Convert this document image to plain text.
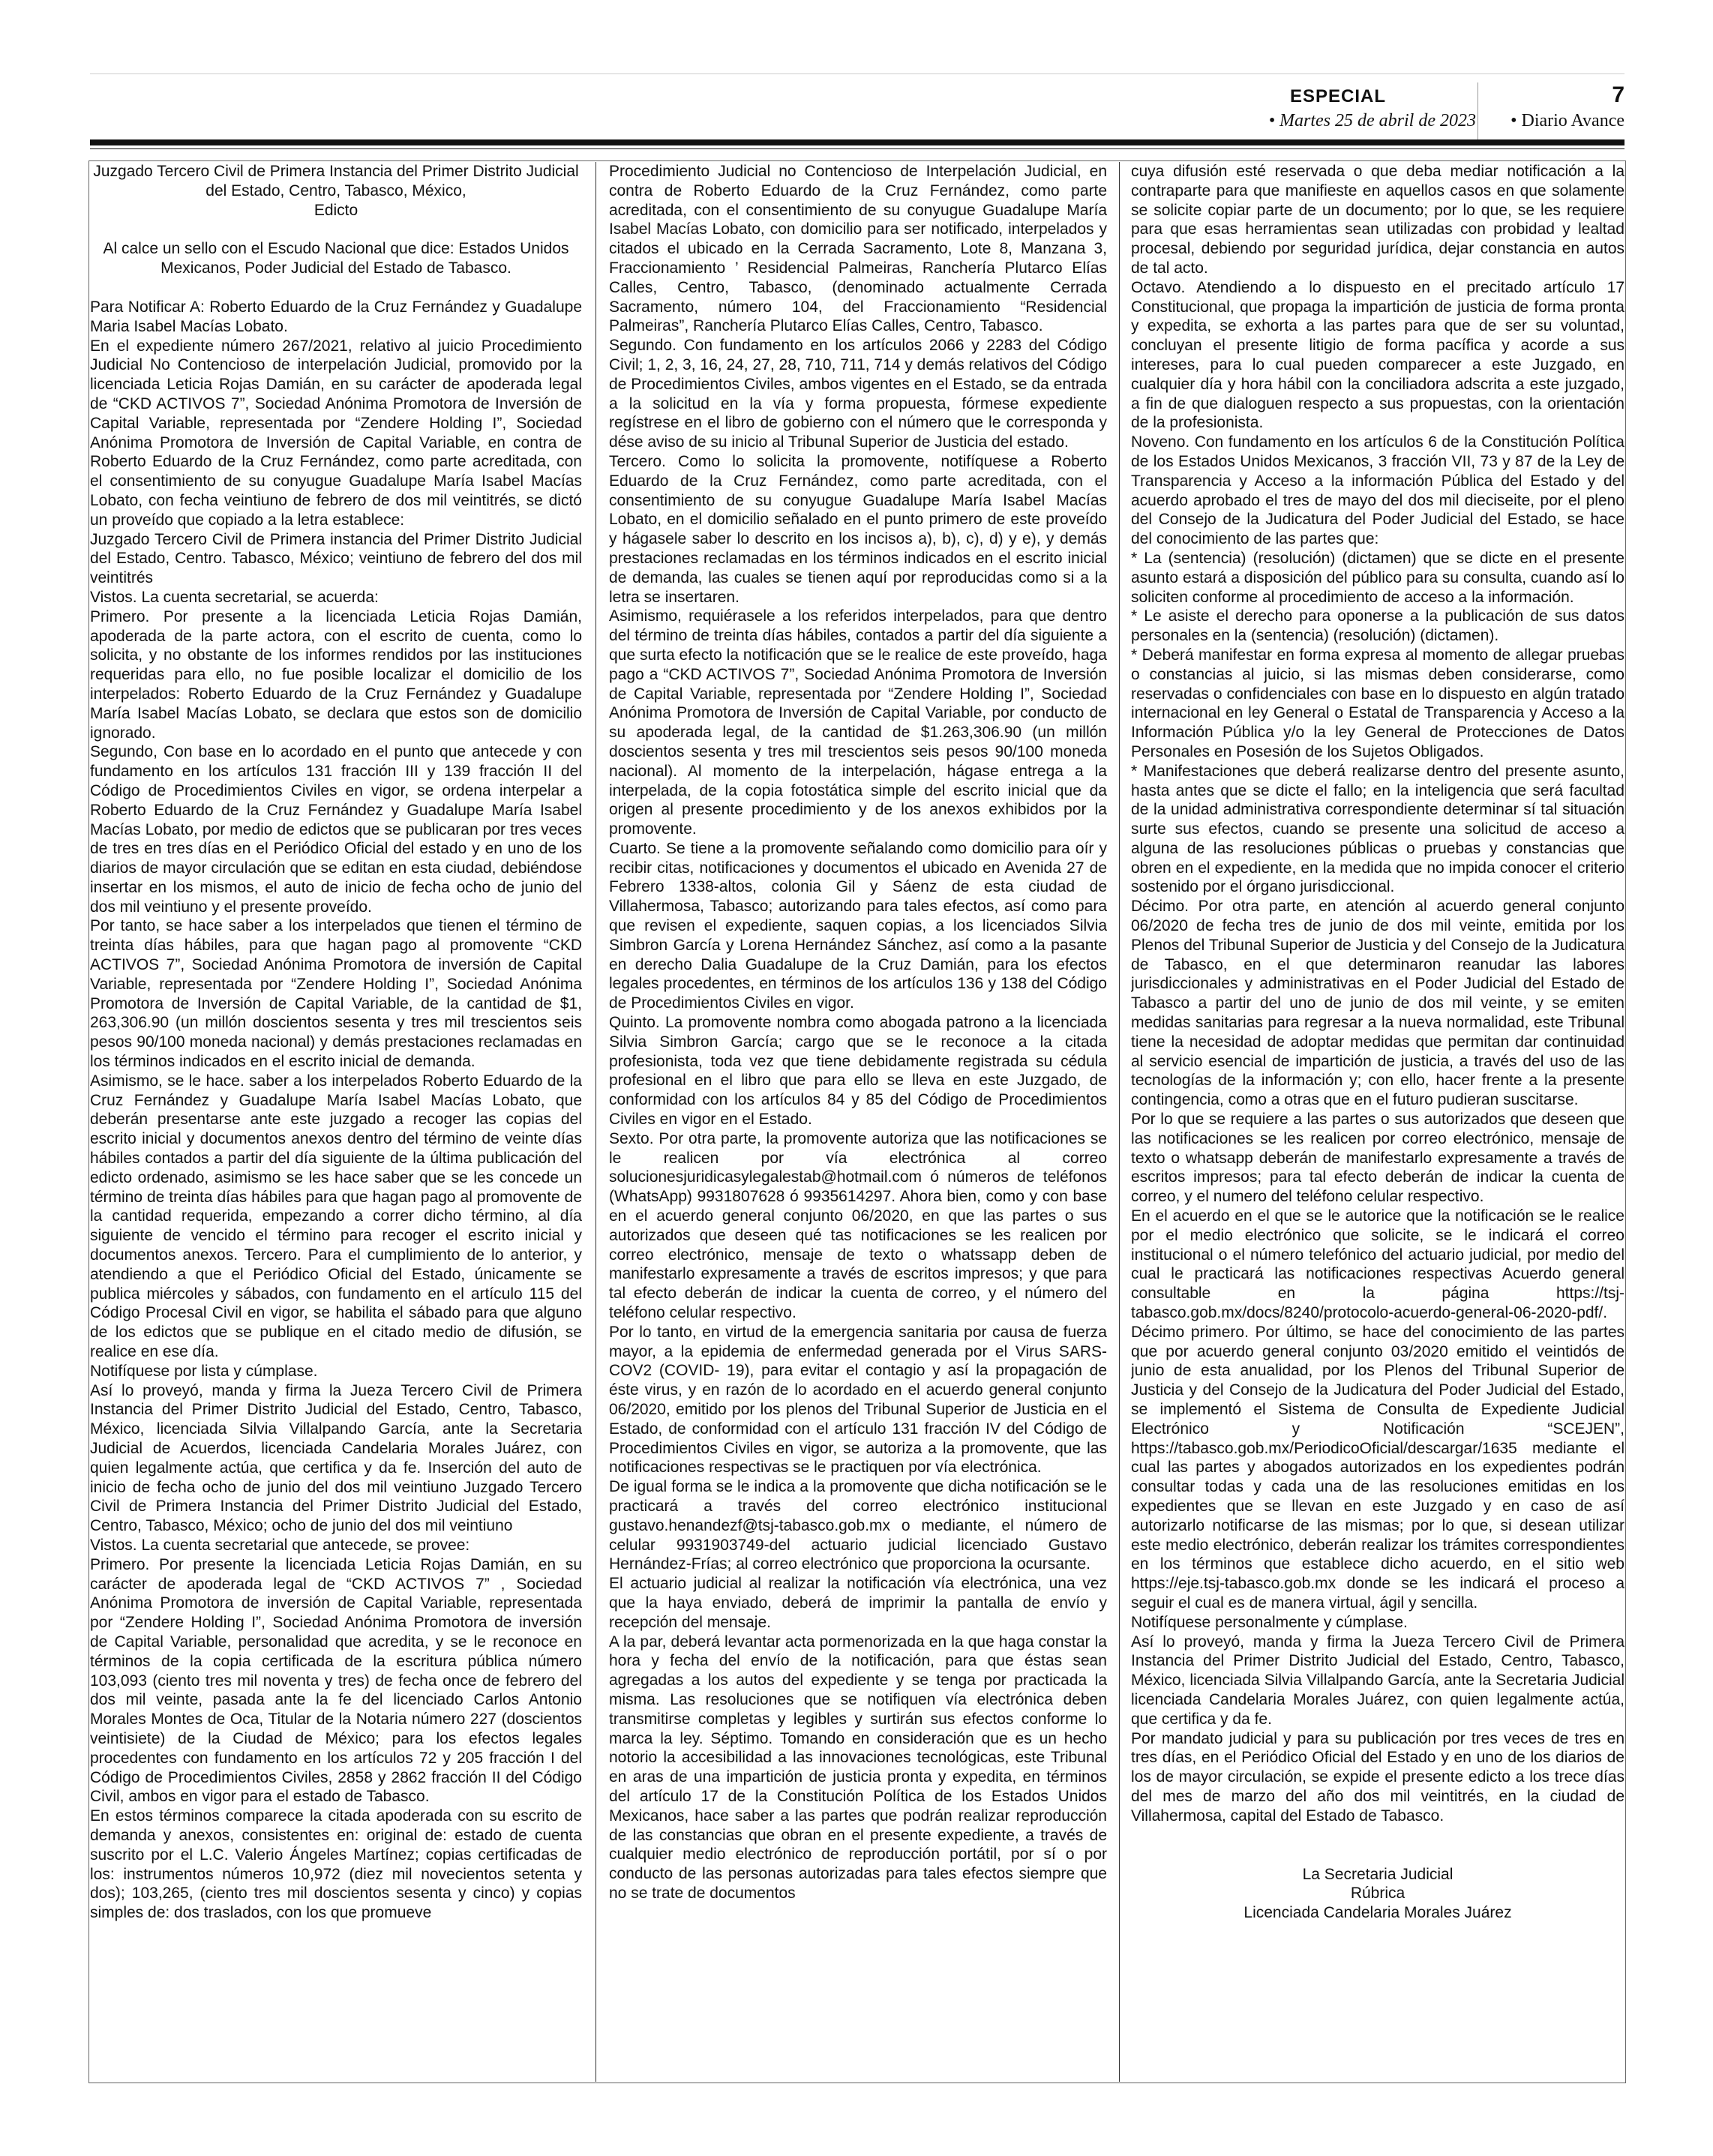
ESPECIAL
• Martes 25 de abril de 2023
7
• Diario Avance

Juzgado Tercero Civil de Primera Instancia del Primer Distrito Judicial del Estado, Centro, Tabasco, México,

Edicto

Al calce un sello con el Escudo Nacional que dice: Estados Unidos Mexicanos, Poder Judicial del Estado de Tabasco.

Para Notificar A: Roberto Eduardo de la Cruz Fernández y Guadalupe Maria Isabel Macías Lobato.

En el expediente número 267/2021, relativo al juicio Procedimiento Judicial No Contencioso de interpelación Judicial, promovido por la licenciada Leticia Rojas Damián, en su carácter de apoderada legal de “CKD ACTIVOS 7”, Sociedad Anónima Promotora de Inversión de Capital Variable, representada por “Zendere Holding I”, Sociedad Anónima Promotora de Inversión de Capital Variable, en contra de Roberto Eduardo de la Cruz Fernández, como parte acreditada, con el consentimiento de su conyugue Guadalupe María Isabel Macías Lobato, con fecha veintiuno de febrero de dos mil veintitrés, se dictó un proveído que copiado a la letra establece:

Juzgado Tercero Civil de Primera instancia del Primer Distrito Judicial del Estado, Centro. Tabasco, México; veintiuno de febrero del dos mil veintitrés

Vistos. La cuenta secretarial, se acuerda:

Primero. Por presente a la licenciada Leticia Rojas Damián, apoderada de la parte actora, con el escrito de cuenta, como lo solicita, y no obstante de los informes rendidos por las instituciones requeridas para ello, no fue posible localizar el domicilio de los interpelados: Roberto Eduardo de la Cruz Fernández y Guadalupe María Isabel Macías Lobato, se declara que estos son de domicilio ignorado.

Segundo, Con base en lo acordado en el punto que antecede y con fundamento en los artículos 131 fracción III y 139 fracción II del Código de Procedimientos Civiles en vigor, se ordena interpelar a Roberto Eduardo de la Cruz Fernández y Guadalupe María Isabel Macías Lobato, por medio de edictos que se publicaran por tres veces de tres en tres días en el Periódico Oficial del estado y en uno de los diarios de mayor circulación que se editan en esta ciudad, debiéndose insertar en los mismos, el auto de inicio de fecha ocho de junio del dos mil veintiuno y el presente proveído.

Por tanto, se hace saber a los interpelados que tienen el término de treinta días hábiles, para que hagan pago al promovente “CKD ACTIVOS 7”, Sociedad Anónima Promotora de inversión de Capital Variable, representada por “Zendere Holding I”, Sociedad Anónima Promotora de Inversión de Capital Variable, de la cantidad de $1, 263,306.90 (un millón doscientos sesenta y tres mil trescientos seis pesos 90/100 moneda nacional) y demás prestaciones reclamadas en los términos indicados en el escrito inicial de demanda.

Asimismo, se le hace. saber a los interpelados Roberto Eduardo de la Cruz Fernández y Guadalupe María Isabel Macías Lobato, que deberán presentarse ante este juzgado a recoger las copias del escrito inicial y documentos anexos dentro del término de veinte días hábiles contados a partir del día siguiente de la última publicación del edicto ordenado, asimismo se les hace saber que se les concede un término de treinta días hábiles para que hagan pago al promovente de la cantidad requerida, empezando a correr dicho término, al día siguiente de vencido el término para recoger el escrito inicial y documentos anexos. Tercero. Para el cumplimiento de lo anterior, y atendiendo a que el Periódico Oficial del Estado, únicamente se publica miércoles y sábados, con fundamento en el artículo 115 del Código Procesal Civil en vigor, se habilita el sábado para que alguno de los edictos que se publique en el citado medio de difusión, se realice en ese día.

Notifíquese por lista y cúmplase.

Así lo proveyó, manda y firma la Jueza Tercero Civil de Primera Instancia del Primer Distrito Judicial del Estado, Centro, Tabasco, México, licenciada Silvia Villalpando García, ante la Secretaria Judicial de Acuerdos, licenciada Candelaria Morales Juárez, con quien legalmente actúa, que certifica y da fe. Inserción del auto de inicio de fecha ocho de junio del dos mil veintiuno Juzgado Tercero Civil de Primera Instancia del Primer Distrito Judicial del Estado, Centro, Tabasco, México; ocho de junio del dos mil veintiuno

Vistos. La cuenta secretarial que antecede, se provee:

Primero. Por presente la licenciada Leticia Rojas Damián, en su carácter de apoderada legal de “CKD ACTIVOS 7” , Sociedad Anónima Promotora de inversión de Capital Variable, representada por “Zendere Holding I”, Sociedad Anónima Promotora de inversión de Capital Variable, personalidad que acredita, y se le reconoce en términos de la copia certificada de la escritura pública número 103,093 (ciento tres mil noventa y tres) de fecha once de febrero del dos mil veinte, pasada ante la fe del licenciado Carlos Antonio Morales Montes de Oca, Titular de la Notaria número 227 (doscientos veintisiete) de la Ciudad de México; para los efectos legales procedentes con fundamento en los artículos 72 y 205 fracción I del Código de Procedimientos Civiles, 2858 y 2862 fracción II del Código Civil, ambos en vigor para el estado de Tabasco.

En estos términos comparece la citada apoderada con su escrito de demanda y anexos, consistentes en: original de: estado de cuenta suscrito por el L.C. Valerio Ángeles Martínez; copias certificadas de los: instrumentos números 10,972 (diez mil novecientos setenta y dos); 103,265, (ciento tres mil doscientos sesenta y cinco) y copias simples de: dos traslados, con los que promueve

Procedimiento Judicial no Contencioso de Interpelación Judicial, en contra de Roberto Eduardo de la Cruz Fernández, como parte acreditada, con el consentimiento de su conyugue Guadalupe María Isabel Macías Lobato, con domicilio para ser notificado, interpelados y citados el ubicado en la Cerrada Sacramento, Lote 8, Manzana 3, Fraccionamiento ’ Residencial Palmeiras, Ranchería Plutarco Elías Calles, Centro, Tabasco, (denominado actualmente Cerrada Sacramento, número 104, del Fraccionamiento “Residencial Palmeiras”, Ranchería Plutarco Elías Calles, Centro, Tabasco.

Segundo. Con fundamento en los artículos 2066 y 2283 del Código Civil; 1, 2, 3, 16, 24, 27, 28, 710, 711, 714 y demás relativos del Código de Procedimientos Civiles, ambos vigentes en el Estado, se da entrada a la solicitud en la vía y forma propuesta, fórmese expediente regístrese en el libro de gobierno con el número que le corresponda y dése aviso de su inicio al Tribunal Superior de Justicia del estado.

Tercero. Como lo solicita la promovente, notifíquese a Roberto Eduardo de la Cruz Fernández, como parte acreditada, con el consentimiento de su conyugue Guadalupe María Isabel Macías Lobato, en el domicilio señalado en el punto primero de este proveído y hágasele saber lo descrito en los incisos a), b), c), d) y e), y demás prestaciones reclamadas en los términos indicados en el escrito inicial de demanda, las cuales se tienen aquí por reproducidas como si a la letra se insertaren.

Asimismo, requiérasele a los referidos interpelados, para que dentro del término de treinta días hábiles, contados a partir del día siguiente a que surta efecto la notificación que se le realice de este proveído, haga pago a “CKD ACTIVOS 7”, Sociedad Anónima Promotora de Inversión de Capital Variable, representada por “Zendere Holding I”, Sociedad Anónima Promotora de Inversión de Capital Variable, por conducto de su apoderada legal, de la cantidad de $1.263,306.90 (un millón doscientos sesenta y tres mil trescientos seis pesos 90/100 moneda nacional). Al momento de la interpelación, hágase entrega a la interpelada, de la copia fotostática simple del escrito inicial que da origen al presente procedimiento y de los anexos exhibidos por la promovente.

Cuarto. Se tiene a la promovente señalando como domicilio para oír y recibir citas, notificaciones y documentos el ubicado en Avenida 27 de Febrero 1338-altos, colonia Gil y Sáenz de esta ciudad de Villahermosa, Tabasco; autorizando para tales efectos, así como para que revisen el expediente, saquen copias, a los licenciados Silvia Simbron García y Lorena Hernández Sánchez, así como a la pasante en derecho Dalia Guadalupe de la Cruz Damián, para los efectos legales procedentes, en términos de los artículos 136 y 138 del Código de Procedimientos Civiles en vigor.

Quinto. La promovente nombra como abogada patrono a la licenciada Silvia Simbron García; cargo que se le reconoce a la citada profesionista, toda vez que tiene debidamente registrada su cédula profesional en el libro que para ello se lleva en este Juzgado, de conformidad con los artículos 84 y 85 del Código de Procedimientos Civiles en vigor en el Estado.

Sexto. Por otra parte, la promovente autoriza que las notificaciones se le realicen por vía electrónica al correo solucionesjuridicasylegalestab@hotmail.com ó números de teléfonos (WhatsApp) 9931807628 ó 9935614297. Ahora bien, como y con base en el acuerdo general conjunto 06/2020, en que las partes o sus autorizados que deseen qué tas notificaciones se les realicen por correo electrónico, mensaje de texto o whatssapp deben de manifestarlo expresamente a través de escritos impresos; y que para tal efecto deberán de indicar la cuenta de correo, y el número del teléfono celular respectivo.

Por lo tanto, en virtud de la emergencia sanitaria por causa de fuerza mayor, a la epidemia de enfermedad generada por el Virus SARS-COV2 (COVID- 19), para evitar el contagio y así la propagación de éste virus, y en razón de lo acordado en el acuerdo general conjunto 06/2020, emitido por los plenos del Tribunal Superior de Justicia en el Estado, de conformidad con el artículo 131 fracción IV del Código de Procedimientos Civiles en vigor, se autoriza a la promovente, que las notificaciones respectivas se le practiquen por vía electrónica.

De igual forma se le indica a la promovente que dicha notificación se le practicará a través del correo electrónico institucional gustavo.henandezf@tsj-tabasco.gob.mx o mediante, el número de celular 9931903749-del actuario judicial licenciado Gustavo Hernández-Frías; al correo electrónico que proporciona la ocursante.

El actuario judicial al realizar la notificación vía electrónica, una vez que la haya enviado, deberá de imprimir la pantalla de envío y recepción del mensaje.

A la par, deberá levantar acta pormenorizada en la que haga constar la hora y fecha del envío de la notificación, para que éstas sean agregadas a los autos del expediente y se tenga por practicada la misma. Las resoluciones que se notifiquen vía electrónica deben transmitirse completas y legibles y surtirán sus efectos conforme lo marca la ley. Séptimo. Tomando en consideración que es un hecho notorio la accesibilidad a las innovaciones tecnológicas, este Tribunal en aras de una impartición de justicia pronta y expedita, en términos del artículo 17 de la Constitución Política de los Estados Unidos Mexicanos, hace saber a las partes que podrán realizar reproducción de las constancias que obran en el presente expediente, a través de cualquier medio electrónico de reproducción portátil, por sí o por conducto de las personas autorizadas para tales efectos siempre que no se trate de documentos

cuya difusión esté reservada o que deba mediar notificación a la contraparte para que manifieste en aquellos casos en que solamente se solicite copiar parte de un documento; por lo que, se les requiere para que esas herramientas sean utilizadas con probidad y lealtad procesal, debiendo por seguridad jurídica, dejar constancia en autos de tal acto.

Octavo. Atendiendo a lo dispuesto en el precitado artículo 17 Constitucional, que propaga la impartición de justicia de forma pronta y expedita, se exhorta a las partes para que de ser su voluntad, concluyan el presente litigio de forma pacífica y acorde a sus intereses, para lo cual pueden comparecer a este Juzgado, en cualquier día y hora hábil con la conciliadora adscrita a este juzgado, a fin de que dialoguen respecto a sus propuestas, con la orientación de la profesionista.

Noveno. Con fundamento en los artículos 6 de la Constitución Política de los Estados Unidos Mexicanos, 3 fracción VII, 73 y 87 de la Ley de Transparencia y Acceso a la información Pública del Estado y del acuerdo aprobado el tres de mayo del dos mil dieciseite, por el pleno del Consejo de la Judicatura del Poder Judicial del Estado, se hace del conocimiento de las partes que:

* La (sentencia) (resolución) (dictamen) que se dicte en el presente asunto estará a disposición del público para su consulta, cuando así lo soliciten conforme al procedimiento de acceso a la información.

* Le asiste el derecho para oponerse a la publicación de sus datos personales en la (sentencia) (resolución) (dictamen).

* Deberá manifestar en forma expresa al momento de allegar pruebas o constancias al juicio, si las mismas deben considerarse, como reservadas o confidenciales con base en lo dispuesto en algún tratado internacional en ley General o Estatal de Transparencia y Acceso a la Información Pública y/o la ley General de Protecciones de Datos Personales en Posesión de los Sujetos Obligados.

* Manifestaciones que deberá realizarse dentro del presente asunto, hasta antes que se dicte el fallo; en la inteligencia que será facultad de la unidad administrativa correspondiente determinar sí tal situación surte sus efectos, cuando se presente una solicitud de acceso a alguna de las resoluciones públicas o pruebas y constancias que obren en el expediente, en la medida que no impida conocer el criterio sostenido por el órgano jurisdiccional.

Décimo. Por otra parte, en atención al acuerdo general conjunto 06/2020 de fecha tres de junio de dos mil veinte, emitida por los Plenos del Tribunal Superior de Justicia y del Consejo de la Judicatura de Tabasco, en el que determinaron reanudar las labores jurisdiccionales y administrativas en el Poder Judicial del Estado de Tabasco a partir del uno de junio de dos mil veinte, y se emiten medidas sanitarias para regresar a la nueva normalidad, este Tribunal tiene la necesidad de adoptar medidas que permitan dar continuidad al servicio esencial de impartición de justicia, a través del uso de las tecnologías de la información y; con ello, hacer frente a la presente contingencia, como a otras que en el futuro pudieran suscitarse.

Por lo que se requiere a las partes o sus autorizados que deseen que las notificaciones se les realicen por correo electrónico, mensaje de texto o whatsapp deberán de manifestarlo expresamente a través de escritos impresos; para tal efecto deberán de indicar la cuenta de correo, y el numero del teléfono celular respectivo.

En el acuerdo en el que se le autorice que la notificación se le realice por el medio electrónico que solicite, se le indicará el correo institucional o el número telefónico del actuario judicial, por medio del cual le practicará las notificaciones respectivas Acuerdo general consultable en la página https://tsj-tabasco.gob.mx/docs/8240/protocolo-acuerdo-general-06-2020-pdf/.

Décimo primero. Por último, se hace del conocimiento de las partes que por acuerdo general conjunto 03/2020 emitido el veintidós de junio de esta anualidad, por los Plenos del Tribunal Superior de Justicia y del Consejo de la Judicatura del Poder Judicial del Estado, se implementó el Sistema de Consulta de Expediente Judicial Electrónico y Notificación “SCEJEN”, https://tabasco.gob.mx/PeriodicoOficial/descargar/1635 mediante el cual las partes y abogados autorizados en los expedientes podrán consultar todas y cada una de las resoluciones emitidas en los expedientes que se llevan en este Juzgado y en caso de así autorizarlo notificarse de las mismas; por lo que, si desean utilizar este medio electrónico, deberán realizar los trámites correspondientes en los términos que establece dicho acuerdo, en el sitio web https://eje.tsj-tabasco.gob.mx donde se les indicará el proceso a seguir el cual es de manera virtual, ágil y sencilla.

Notifíquese personalmente y cúmplase.

Así lo proveyó, manda y firma la Jueza Tercero Civil de Primera Instancia del Primer Distrito Judicial del Estado, Centro, Tabasco, México, licenciada Silvia Villalpando García, ante la Secretaria Judicial licenciada Candelaria Morales Juárez, con quien legalmente actúa, que certifica y da fe.

Por mandato judicial y para su publicación por tres veces de tres en tres días, en el Periódico Oficial del Estado y en uno de los diarios de los de mayor circulación, se expide el presente edicto a los trece días del mes de marzo del año dos mil veintitrés, en la ciudad de Villahermosa, capital del Estado de Tabasco.

La Secretaria Judicial

Rúbrica

Licenciada Candelaria Morales Juárez
